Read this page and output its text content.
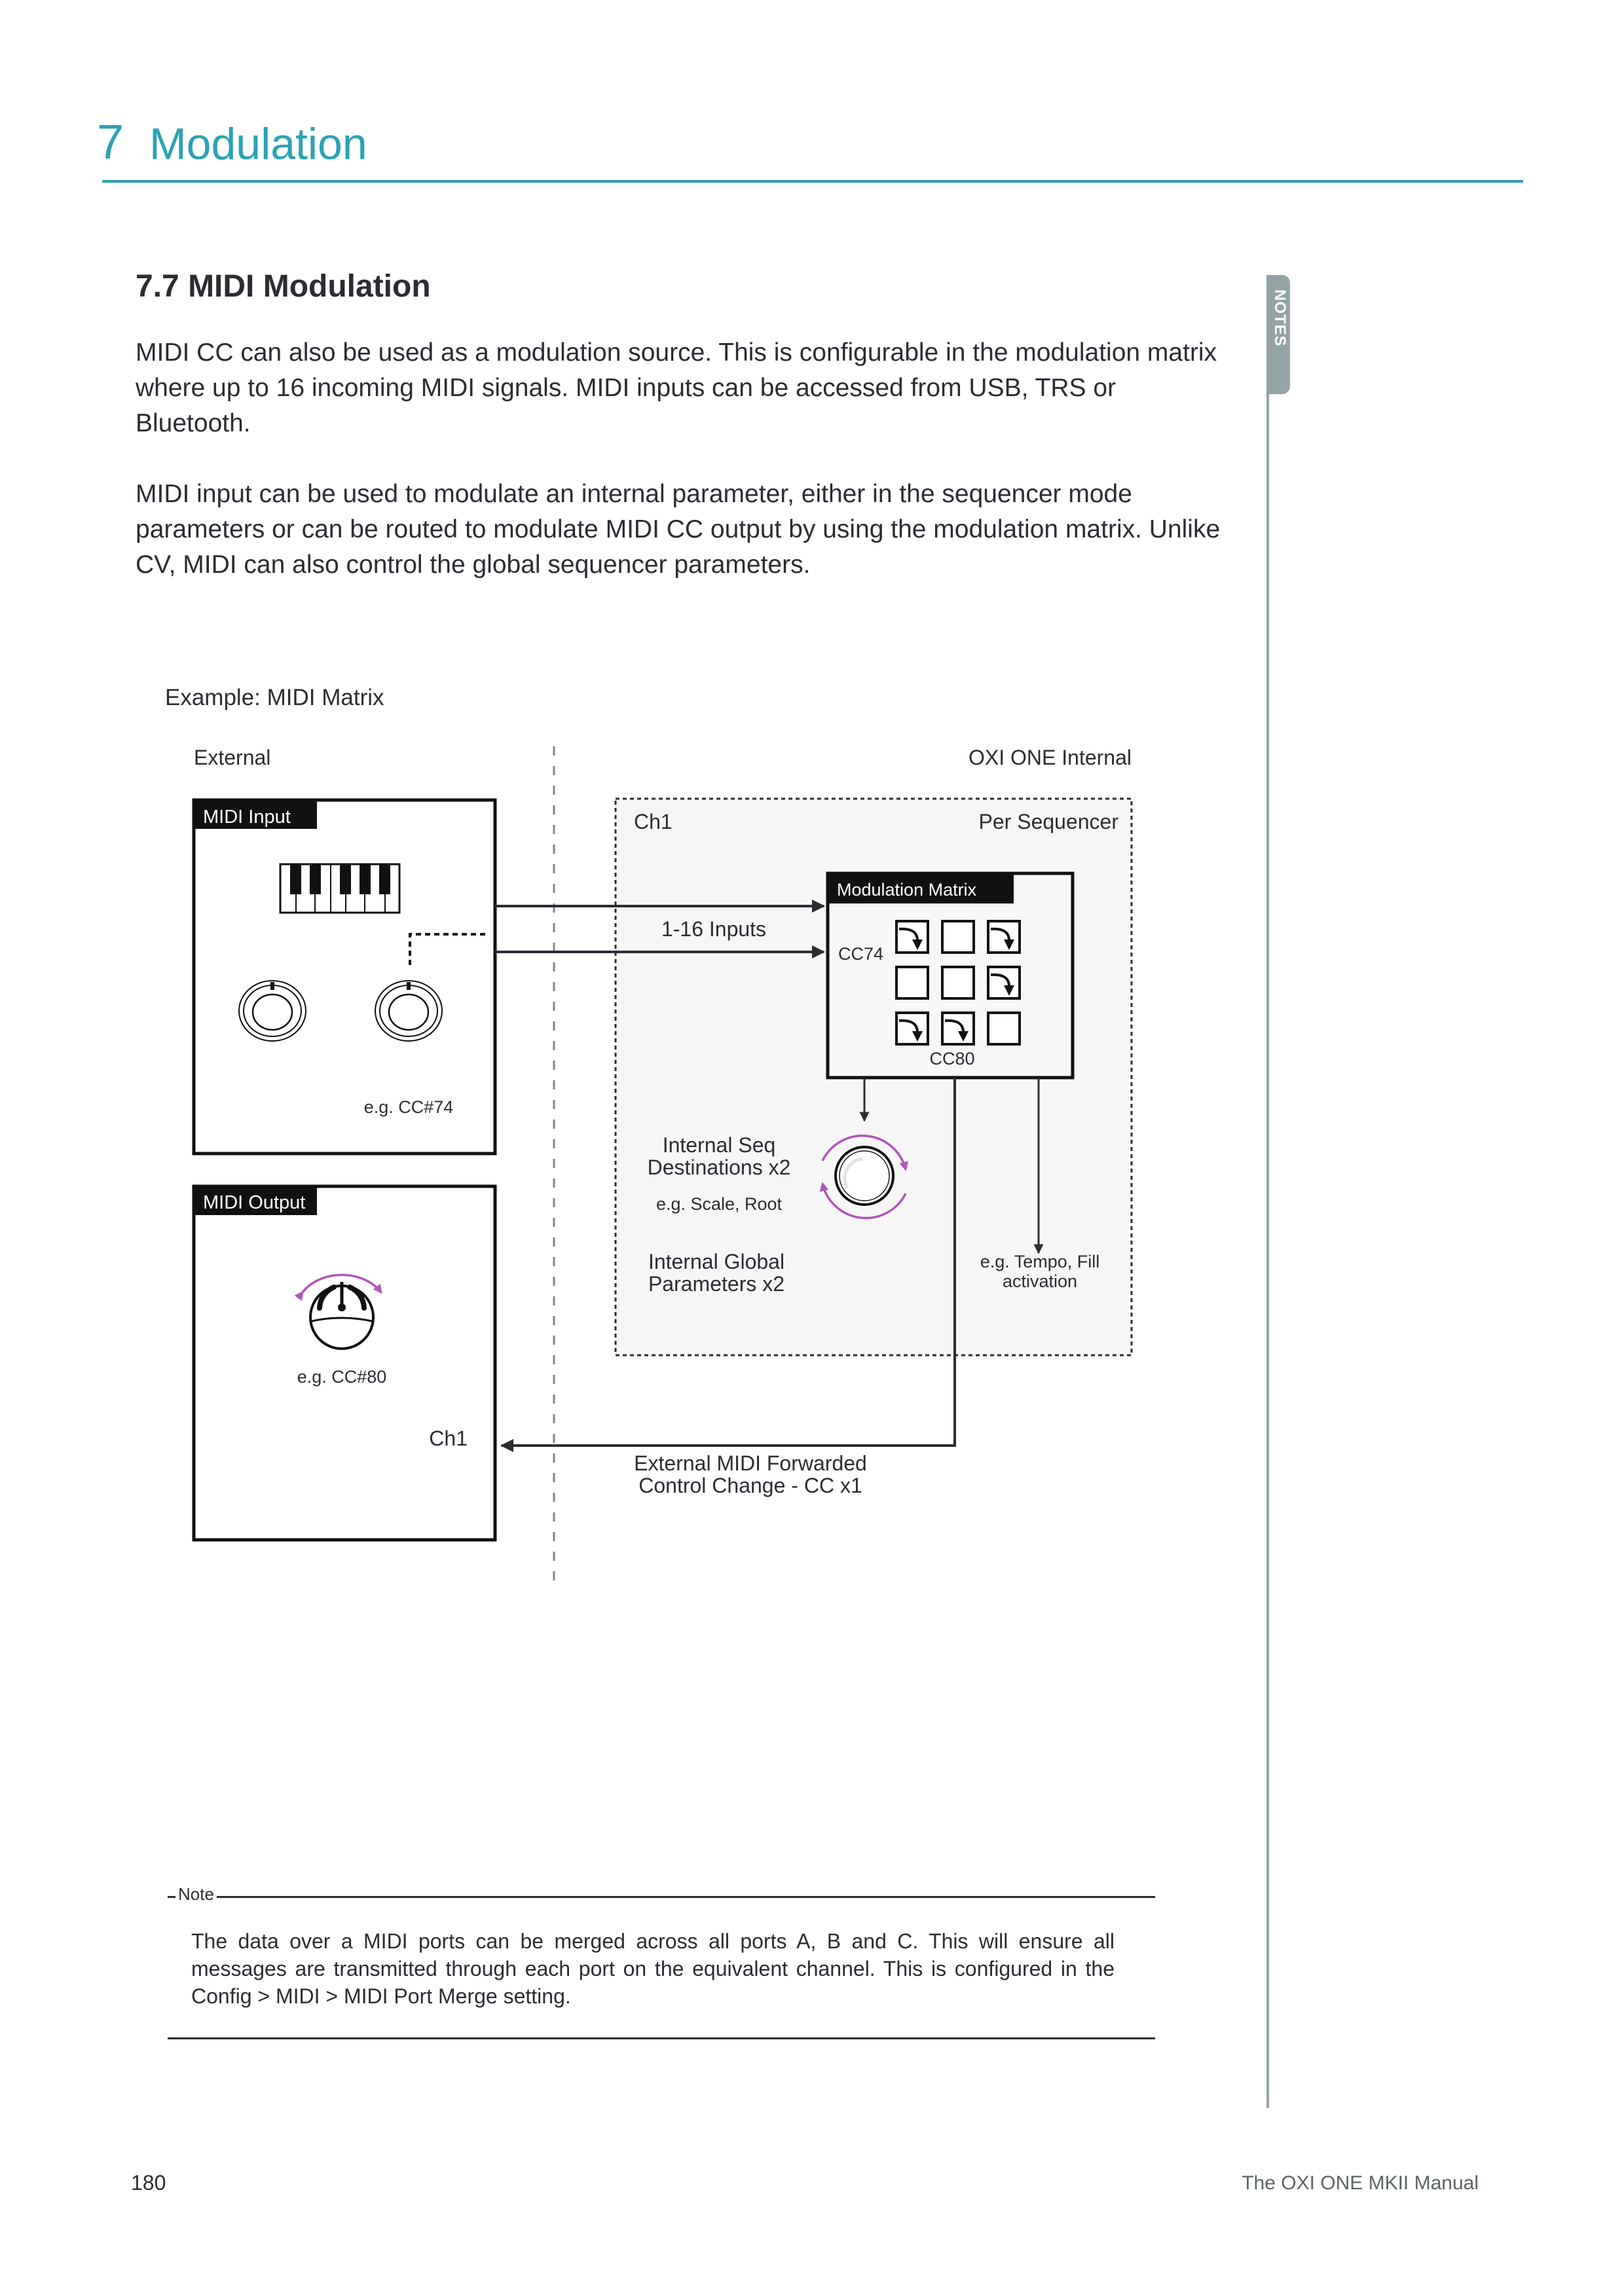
7 Modulation
NOTES
7.7 MIDI Modulation
MIDI CC can also be used as a modulation source. This is configurable in the modulation matrix where up to 16 incoming MIDI signals. MIDI inputs can be accessed from USB, TRS or Bluetooth.
MIDI input can be used to modulate an internal parameter, either in the sequencer mode parameters or can be routed to modulate MIDI CC output by using the modulation matrix. Unlike CV, MIDI can also control the global sequencer parameters.
Example: MIDI Matrix
External	OXI ONE Internal
Ch1	Per Sequencer
MIDI Input
e.g. CC#74
1-16 Inputs
Modulation Matrix
CC74
CC80
Internal Seq
Destinations x2
e.g. Scale, Root
Internal Global
Parameters x2
e.g. Tempo, Fill
activation
MIDI Output
e.g. CC#80
Ch1
External MIDI Forwarded
Control Change - CC x1
Note
The data over a MIDI ports can be merged across all ports A, B and C. This will ensure all messages are transmitted through each port on the equivalent channel. This is configured in the Config > MIDI > MIDI Port Merge setting.
180	The OXI ONE MKII Manual
